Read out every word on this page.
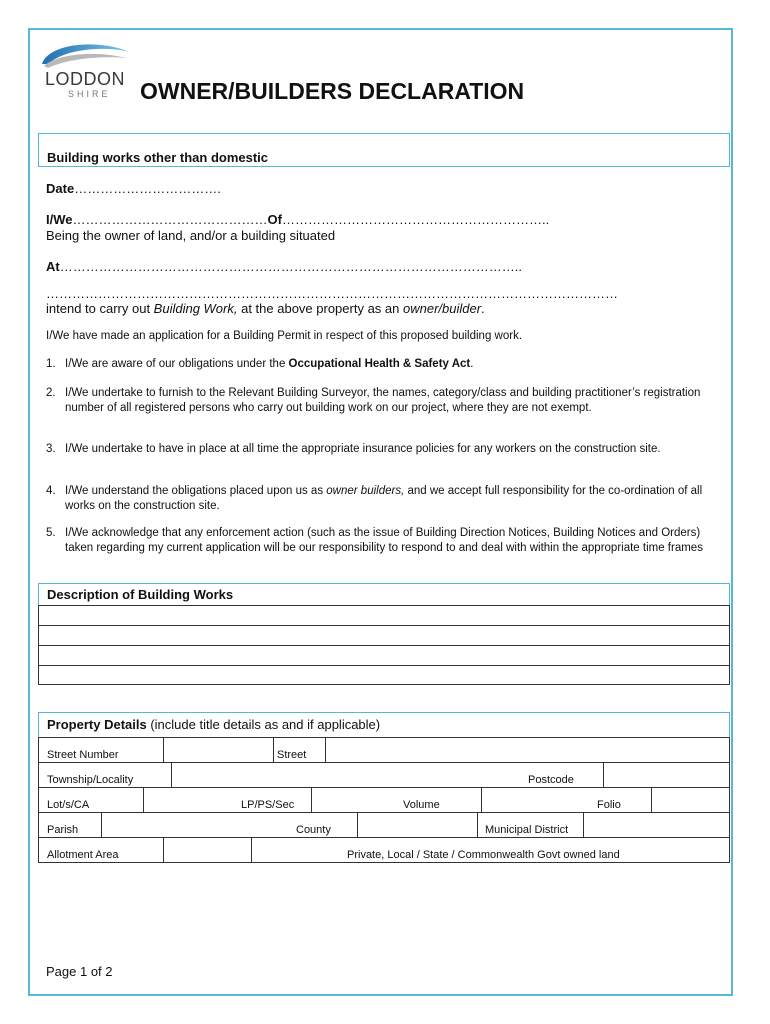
LODDON
SHIRE OWNER/BUILDERS DECLARATION
Building works other than domestic
Date…………………………….
I/We………………………………………Of……………………………………………………..
Being the owner of land, and/or a building situated
At……………………………………………………………………………………………..
……………………………………………………………………………………………………………………
intend to carry out Building Work, at the above property as an owner/builder.
I/We have made an application for a Building Permit in respect of this proposed building work.
1. I/We are aware of our obligations under the Occupational Health & Safety Act.
2. I/We undertake to furnish to the Relevant Building Surveyor, the names, category/class and building practitioner’s registration number of all registered persons who carry out building work on our project, where they are not exempt.
3. I/We undertake to have in place at all time the appropriate insurance policies for any workers on the construction site.
4. I/We understand the obligations placed upon us as owner builders, and we accept full responsibility for the co-ordination of all works on the construction site.
5. I/We acknowledge that any enforcement action (such as the issue of Building Direction Notices, Building Notices and Orders) taken regarding my current application will be our responsibility to respond to and deal with within the appropriate time frames
Description of Building Works
Property Details (include title details as and if applicable)
Street Number	Street
Township/Locality	Postcode
Lot/s/CA	LP/PS/Sec	Volume	Folio
Parish	County	Municipal District
Allotment Area	Private, Local / State / Commonwealth Govt owned land
Page 1 of 2
